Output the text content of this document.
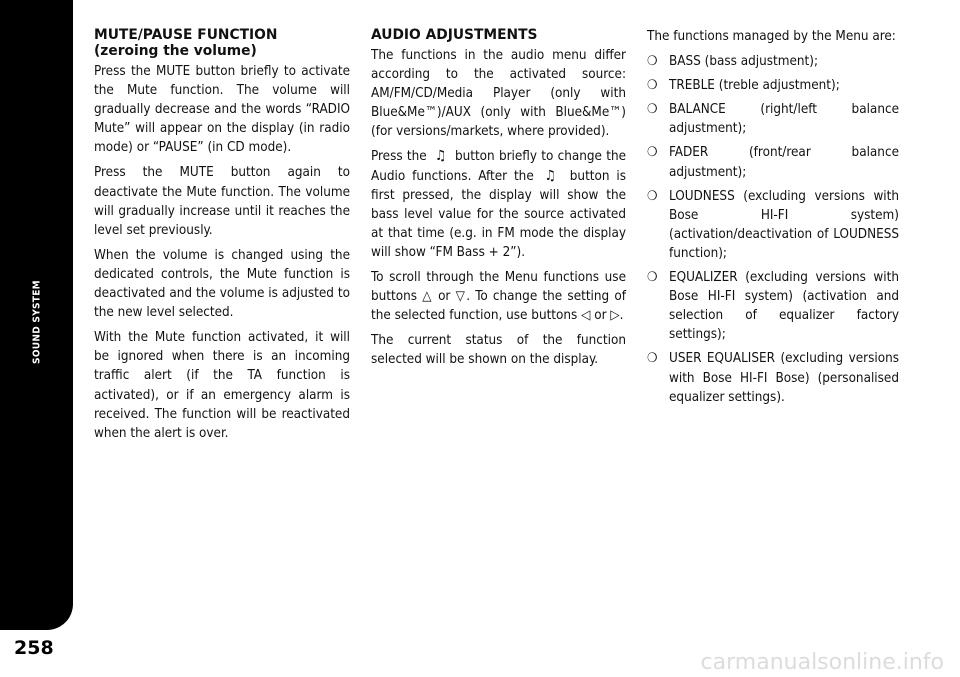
SOUND SYSTEM
258
MUTE/PAUSE FUNCTION
(zeroing the volume)

Press the MUTE button briefly to activate the Mute function. The volume will gradually decrease and the words “RADIO Mute” will appear on the display (in radio mode) or “PAUSE” (in CD mode).

Press the MUTE button again to deactivate the Mute function. The volume will gradually increase until it reaches the level set previously.

When the volume is changed using the dedicated controls, the Mute function is deactivated and the volume is adjusted to the new level selected.

With the Mute function activated, it will be ignored when there is an incoming traffic alert (if the TA function is activated), or if an emergency alarm is received. The function will be reactivated when the alert is over.

AUDIO ADJUSTMENTS

The functions in the audio menu differ according to the activated source: AM/FM/CD/Media Player (only with Blue&Me™)/AUX (only with Blue&Me™) (for versions/markets, where provided).

Press the ♫ button briefly to change the Audio functions. After the ♫ button is first pressed, the display will show the bass level value for the source activated at that time (e.g. in FM mode the display will show “FM Bass + 2”).

To scroll through the Menu functions use buttons △ or ▽. To change the setting of the selected function, use buttons ◁ or ▷.

The current status of the function selected will be shown on the display.

The functions managed by the Menu are:

❍ BASS (bass adjustment);
❍ TREBLE (treble adjustment);
❍ BALANCE (right/left balance adjustment);
❍ FADER (front/rear balance adjustment);
❍ LOUDNESS (excluding versions with Bose HI-FI system) (activation/deactivation of LOUDNESS function);
❍ EQUALIZER (excluding versions with Bose HI-FI system) (activation and selection of equalizer factory settings);
❍ USER EQUALISER (excluding versions with Bose HI-FI Bose) (personalised equalizer settings).
carmanualsonline.info
